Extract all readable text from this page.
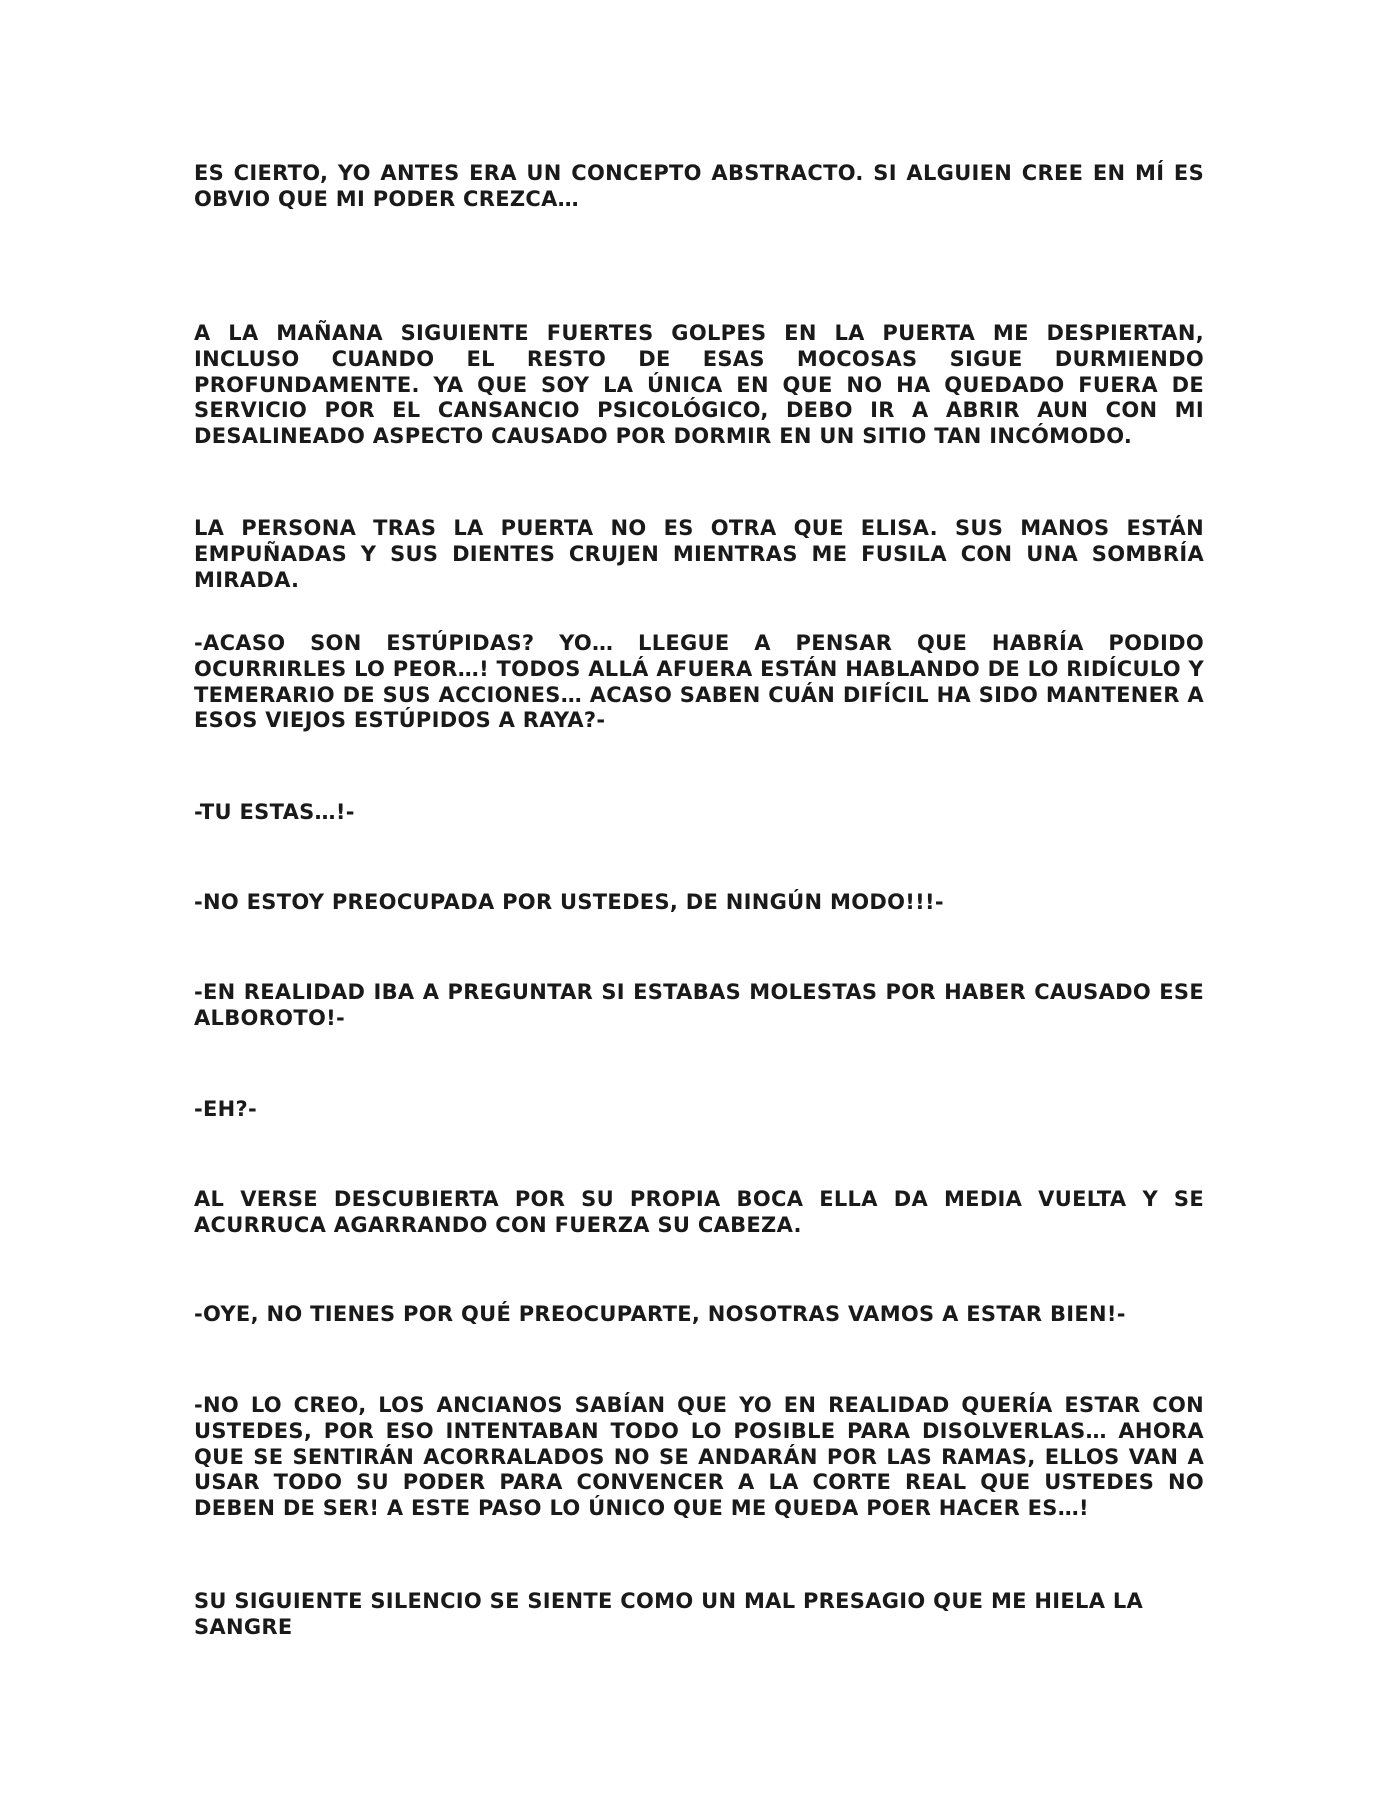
ES CIERTO, YO ANTES ERA UN CONCEPTO ABSTRACTO. SI ALGUIEN CREE EN MÍ ES OBVIO QUE MI PODER CREZCA…

A LA MAÑANA SIGUIENTE FUERTES GOLPES EN LA PUERTA ME DESPIERTAN, INCLUSO CUANDO EL RESTO DE ESAS MOCOSAS SIGUE DURMIENDO PROFUNDAMENTE. YA QUE SOY LA ÚNICA EN QUE NO HA QUEDADO FUERA DE SERVICIO POR EL CANSANCIO PSICOLÓGICO, DEBO IR A ABRIR AUN CON MI DESALINEADO ASPECTO CAUSADO POR DORMIR EN UN SITIO TAN INCÓMODO.

LA PERSONA TRAS LA PUERTA NO ES OTRA QUE ELISA. SUS MANOS ESTÁN EMPUÑADAS Y SUS DIENTES CRUJEN MIENTRAS ME FUSILA CON UNA SOMBRÍA MIRADA.

-ACASO SON ESTÚPIDAS? YO… LLEGUE A PENSAR QUE HABRÍA PODIDO OCURRIRLES LO PEOR…! TODOS ALLÁ AFUERA ESTÁN HABLANDO DE LO RIDÍCULO Y TEMERARIO DE SUS ACCIONES… ACASO SABEN CUÁN DIFÍCIL HA SIDO MANTENER A ESOS VIEJOS ESTÚPIDOS A RAYA?-

-TU ESTAS…!-

-NO ESTOY PREOCUPADA POR USTEDES, DE NINGÚN MODO!!!-

-EN REALIDAD IBA A PREGUNTAR SI ESTABAS MOLESTAS POR HABER CAUSADO ESE ALBOROTO!-

-EH?-

AL VERSE DESCUBIERTA POR SU PROPIA BOCA ELLA DA MEDIA VUELTA Y SE ACURRUCA AGARRANDO CON FUERZA SU CABEZA.

-OYE, NO TIENES POR QUÉ PREOCUPARTE, NOSOTRAS VAMOS A ESTAR BIEN!-

-NO LO CREO, LOS ANCIANOS SABÍAN QUE YO EN REALIDAD QUERÍA ESTAR CON USTEDES, POR ESO INTENTABAN TODO LO POSIBLE PARA DISOLVERLAS… AHORA QUE SE SENTIRÁN ACORRALADOS NO SE ANDARÁN POR LAS RAMAS, ELLOS VAN A USAR TODO SU PODER PARA CONVENCER A LA CORTE REAL QUE USTEDES NO DEBEN DE SER! A ESTE PASO LO ÚNICO QUE ME QUEDA POER HACER ES…!

SU SIGUIENTE SILENCIO SE SIENTE COMO UN MAL PRESAGIO QUE ME HIELA LA SANGRE
